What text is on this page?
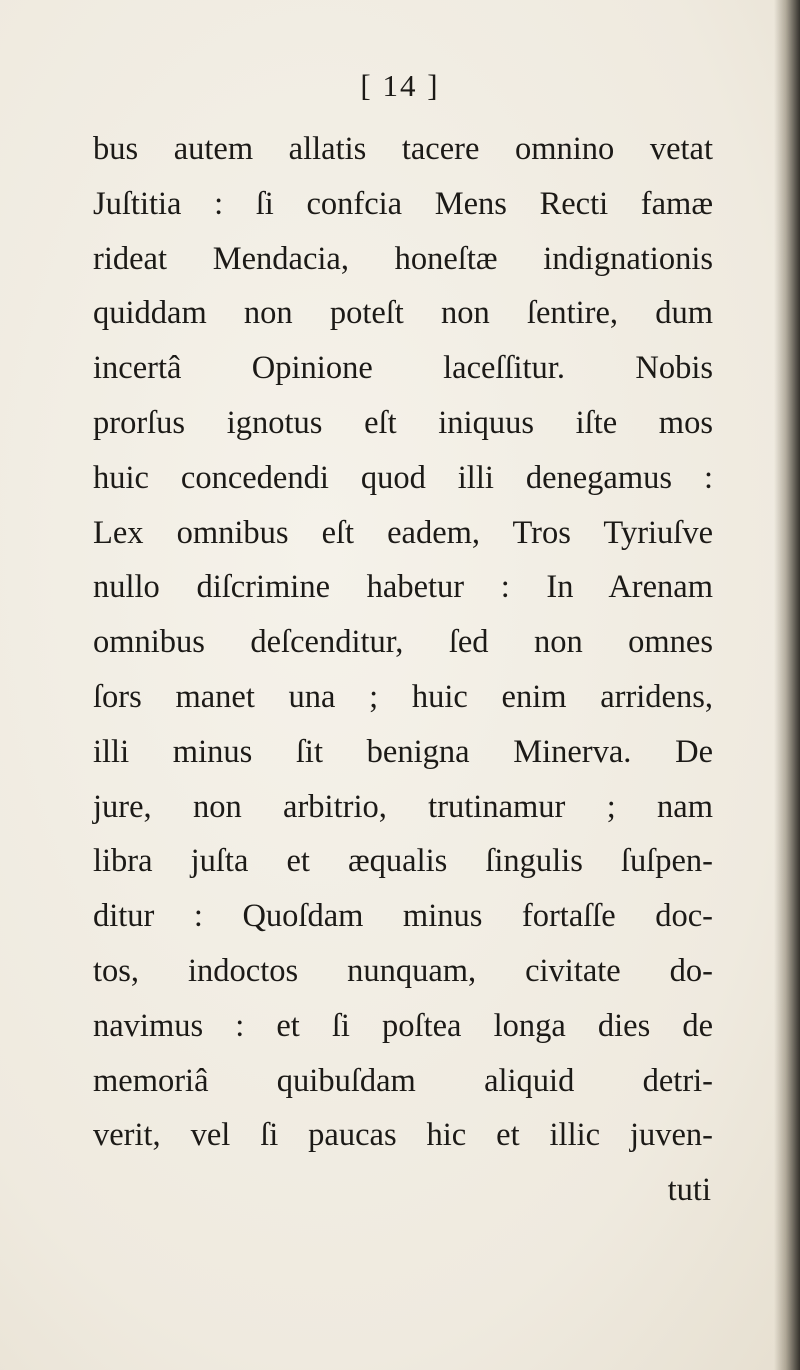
[ 14 ]
bus autem allatis tacere omnino vetat
Juſtitia : ſi confcia Mens Recti famæ
rideat Mendacia, honeſtæ indignationis
quiddam non poteſt non ſentire, dum
incertâ Opinione laceſſitur. Nobis
prorſus ignotus eſt iniquus iſte mos
huic concedendi quod illi denegamus :
Lex omnibus eſt eadem, Tros Tyriuſve
nullo diſcrimine habetur : In Arenam
omnibus deſcenditur, ſed non omnes
ſors manet una ; huic enim arridens,
illi minus ſit benigna Minerva. De
jure, non arbitrio, trutinamur ; nam
libra juſta et æqualis ſingulis ſuſpen-
ditur : Quoſdam minus fortaſſe doc-
tos, indoctos nunquam, civitate do-
navimus : et ſi poſtea longa dies de
memoriâ quibuſdam aliquid detri-
verit, vel ſi paucas hic et illic juven-
tuti
